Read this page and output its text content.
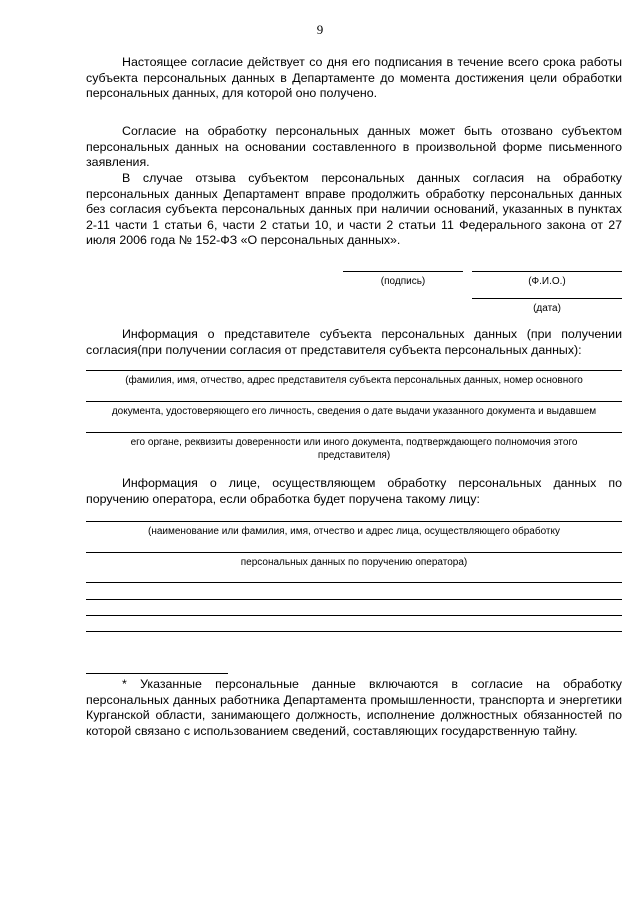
9

Настоящее согласие действует со дня его подписания в течение всего срока работы субъекта персональных данных в Департаменте до момента достижения цели обработки персональных данных, для которой оно получено.

Согласие на обработку персональных данных может быть отозвано субъектом персональных данных на основании составленного в произвольной форме письменного заявления.

В случае отзыва субъектом персональных данных согласия на обработку персональных данных Департамент вправе продолжить обработку персональных данных без согласия субъекта персональных данных при наличии оснований, указанных в пунктах 2-11 части 1 статьи 6, части 2 статьи 10, и части 2 статьи 11 Федерального закона от 27 июля 2006 года № 152-ФЗ «О персональных данных».

(подпись)	(Ф.И.О.)
(дата)

Информация о представителе субъекта персональных данных (при получении согласия(при получении согласия от представителя субъекта персональных данных):

(фамилия, имя, отчество, адрес представителя субъекта персональных данных, номер основного
документа, удостоверяющего его личность, сведения о дате выдачи указанного документа и выдавшем
его органе, реквизиты доверенности или иного документа, подтверждающего полномочия этого
представителя)

Информация о лице, осуществляющем обработку персональных данных по поручению оператора, если обработка будет поручена такому лицу:

(наименование или фамилия, имя, отчество и адрес лица, осуществляющего обработку
персональных данных по поручению оператора)

* Указанные персональные данные включаются в согласие на обработку персональных данных работника Департамента промышленности, транспорта и энергетики Курганской области, занимающего должность, исполнение должностных обязанностей по которой связано с использованием сведений, составляющих государственную тайну.
